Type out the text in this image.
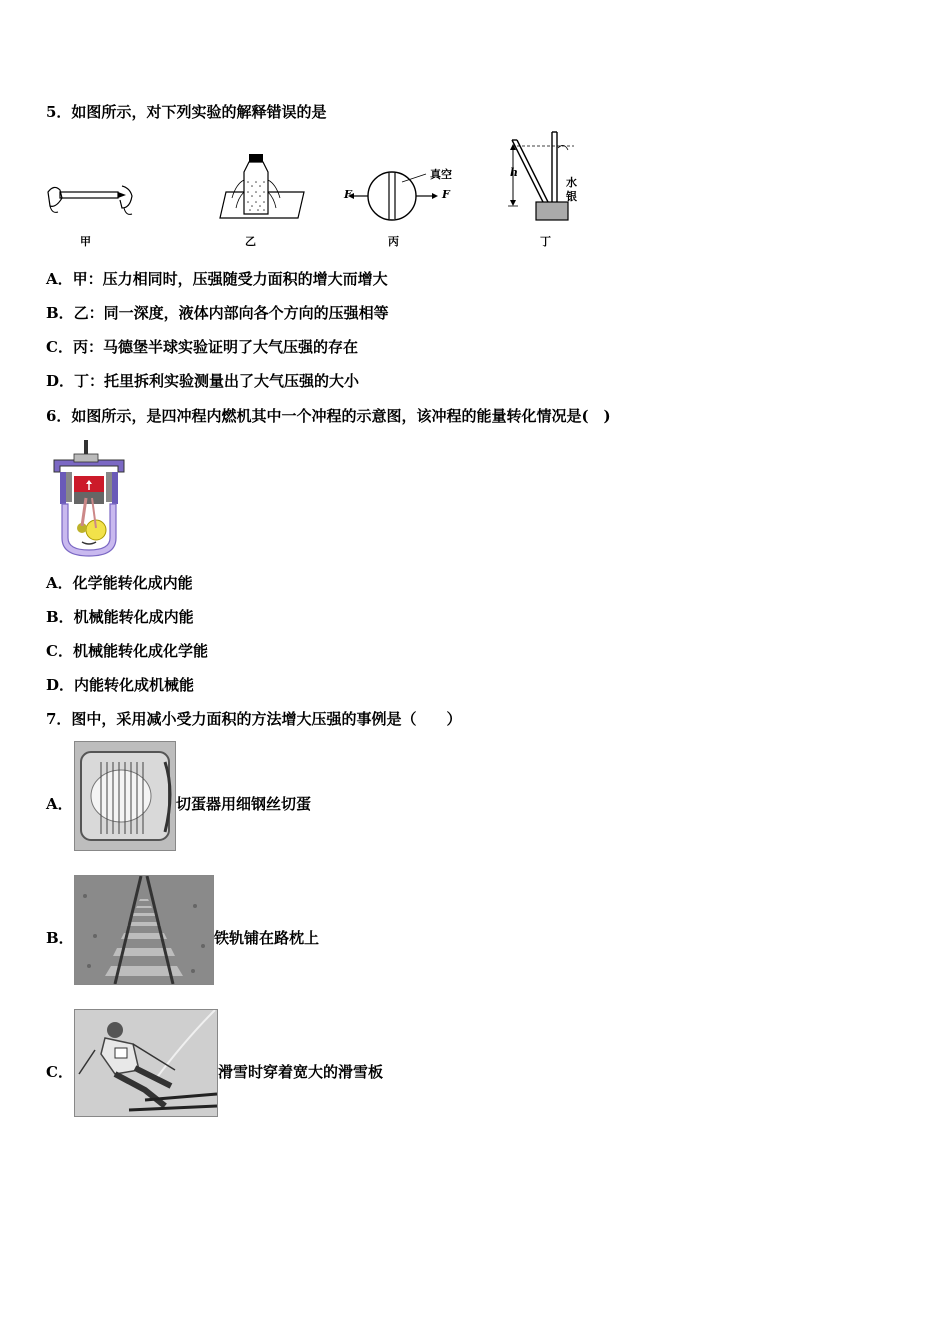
5．如图所示，对下列实验的解释错误的是
甲	乙
F	F
真空
丙
h
水
银
丁
A．甲：压力相同时，压强随受力面积的增大而增大
B．乙：同一深度，液体内部向各个方向的压强相等
C．丙：马德堡半球实验证明了大气压强的存在
D．丁：托里拆利实验测量出了大气压强的大小
6．如图所示，是四冲程内燃机其中一个冲程的示意图，该冲程的能量转化情况是(　)
A．化学能转化成内能
B．机械能转化成内能
C．机械能转化成化学能
D．内能转化成机械能
7．图中，采用减小受力面积的方法增大压强的事例是（　　）
A．	切蛋器用细钢丝切蛋
B．	铁轨铺在路枕上
C．	滑雪时穿着宽大的滑雪板
